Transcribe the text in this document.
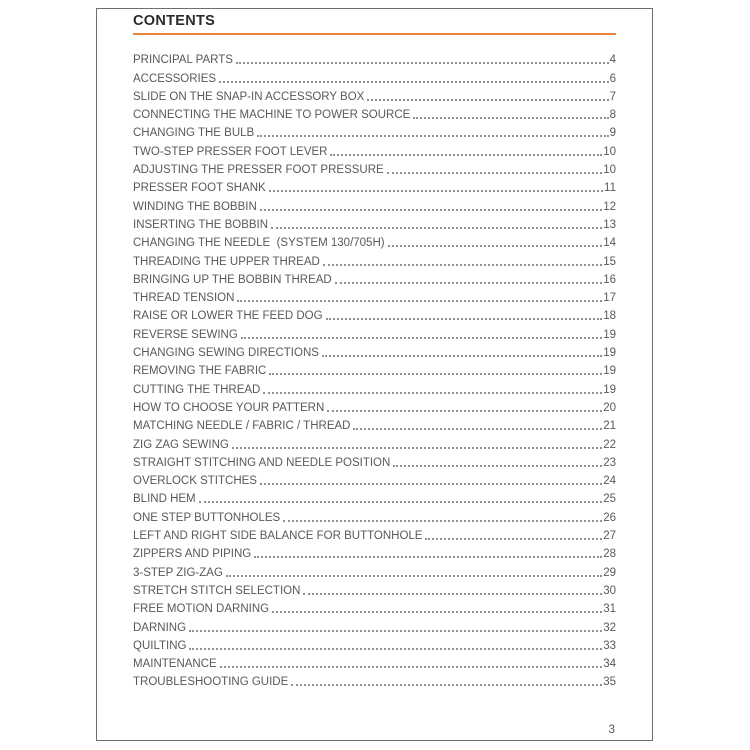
CONTENTS
PRINCIPAL PARTS	4
ACCESSORIES	6
SLIDE ON THE SNAP-IN ACCESSORY BOX	7
CONNECTING THE MACHINE TO POWER SOURCE	8
CHANGING THE BULB	9
TWO-STEP PRESSER FOOT LEVER	10
ADJUSTING THE PRESSER FOOT PRESSURE	10
PRESSER FOOT SHANK	11
WINDING THE BOBBIN	12
INSERTING THE BOBBIN	13
CHANGING THE NEEDLE  (SYSTEM 130/705H)	14
THREADING THE UPPER THREAD	15
BRINGING UP THE BOBBIN THREAD	16
THREAD TENSION	17
RAISE OR LOWER THE FEED DOG	18
REVERSE SEWING	19
CHANGING SEWING DIRECTIONS	19
REMOVING THE FABRIC	19
CUTTING THE THREAD	19
HOW TO CHOOSE YOUR PATTERN	20
MATCHING NEEDLE / FABRIC / THREAD	21
ZIG ZAG SEWING	22
STRAIGHT STITCHING AND NEEDLE POSITION	23
OVERLOCK STITCHES	24
BLIND HEM	25
ONE STEP BUTTONHOLES	26
LEFT AND RIGHT SIDE BALANCE FOR BUTTONHOLE	27
ZIPPERS AND PIPING	28
3-STEP ZIG-ZAG	29
STRETCH STITCH SELECTION	30
FREE MOTION DARNING	31
DARNING	32
QUILTING	33
MAINTENANCE	34
TROUBLESHOOTING GUIDE	35
3
